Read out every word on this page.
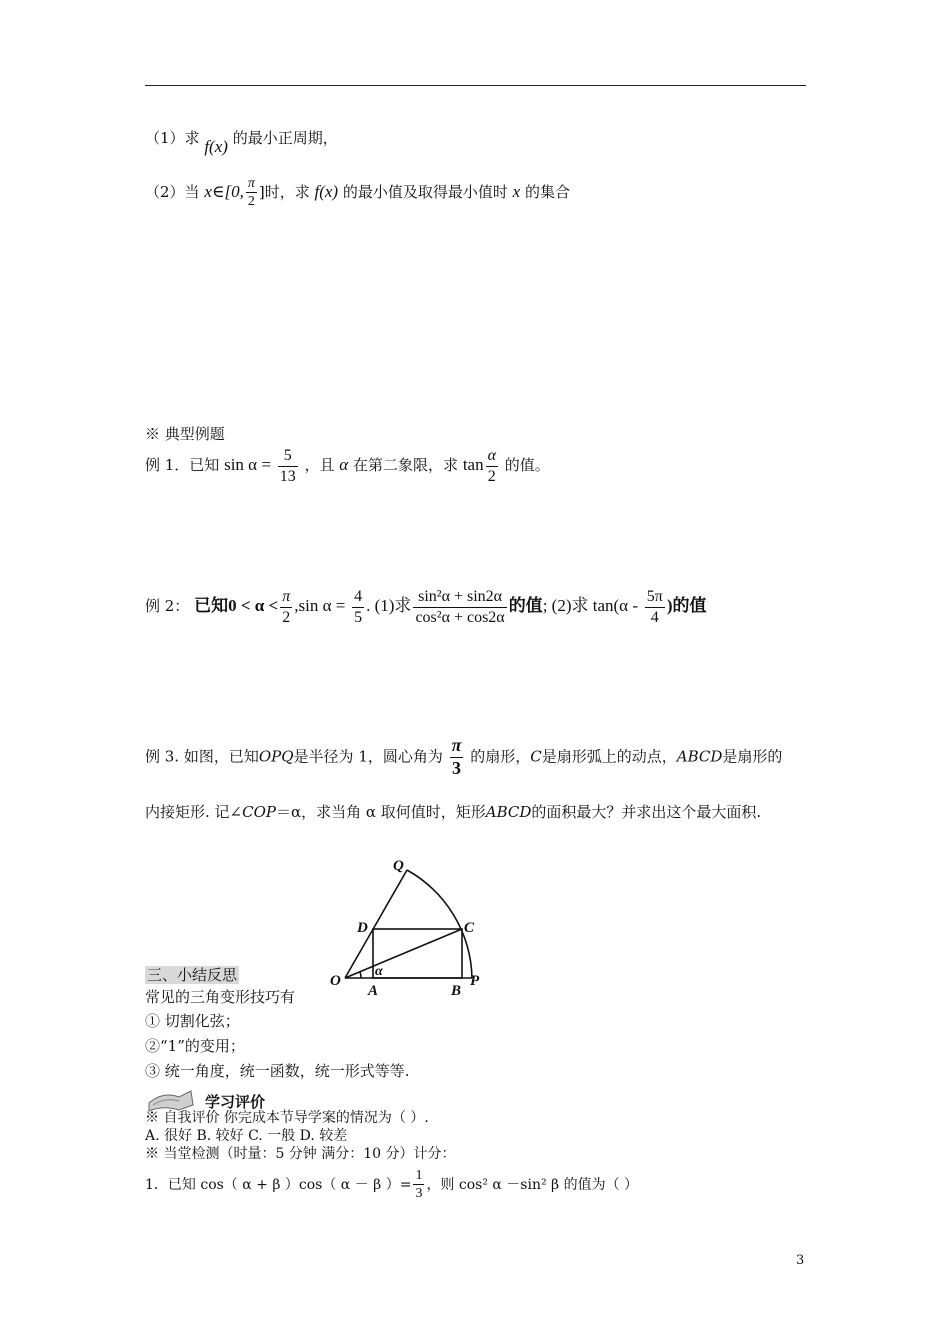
（1）求 f(x) 的最小正周期，
（2）当 x∈[0, $\frac{\pi}{2}$ ]时，求 f(x) 的最小值及取得最小值时 x 的集合
※ 典型例题
例 1．已知 $\sin \alpha = \frac{5}{13}$ ，且 α 在第二象限，求 $\tan \frac{\alpha}{2}$ 的值。
例 2： 已知$0 < \alpha < \frac{\pi}{2} ,\sin$ $\alpha = \frac{4}{5}$ . (1)求 $\frac{\text{sin²α + sin2α}}{\text{cos²α + cos2α}}$ 的值; (2)求 $\tan(\alpha - \frac{5\pi}{4}$ )的值
例 3. 如图，已知OPQ是半径为 1，圆心角为 $\frac{\pi}{3}$ 的扇形，C是扇形弧上的动点，ABCD是扇形的
内接矩形. 记∠COP＝α，求当角 α 取何值时，矩形ABCD的面积最大？并求出这个最大面积.
Q
D	C
O
A	B
P
α
三、小结反思
常见的三角变形技巧有
① 切割化弦；
②“1”的变用；
③ 统一角度，统一函数，统一形式等等.
学习评价
※ 自我评价 你完成本节导学案的情况为（ ）.
A. 很好 B. 较好 C. 一般 D. 较差
※ 当堂检测（时量：5 分钟 满分：10 分）计分：
1．已知 cos（ α + β ）cos（ α － β ）= $\frac{1}{3}$ ，则 cos² α －sin² β 的值为（ ）
3
